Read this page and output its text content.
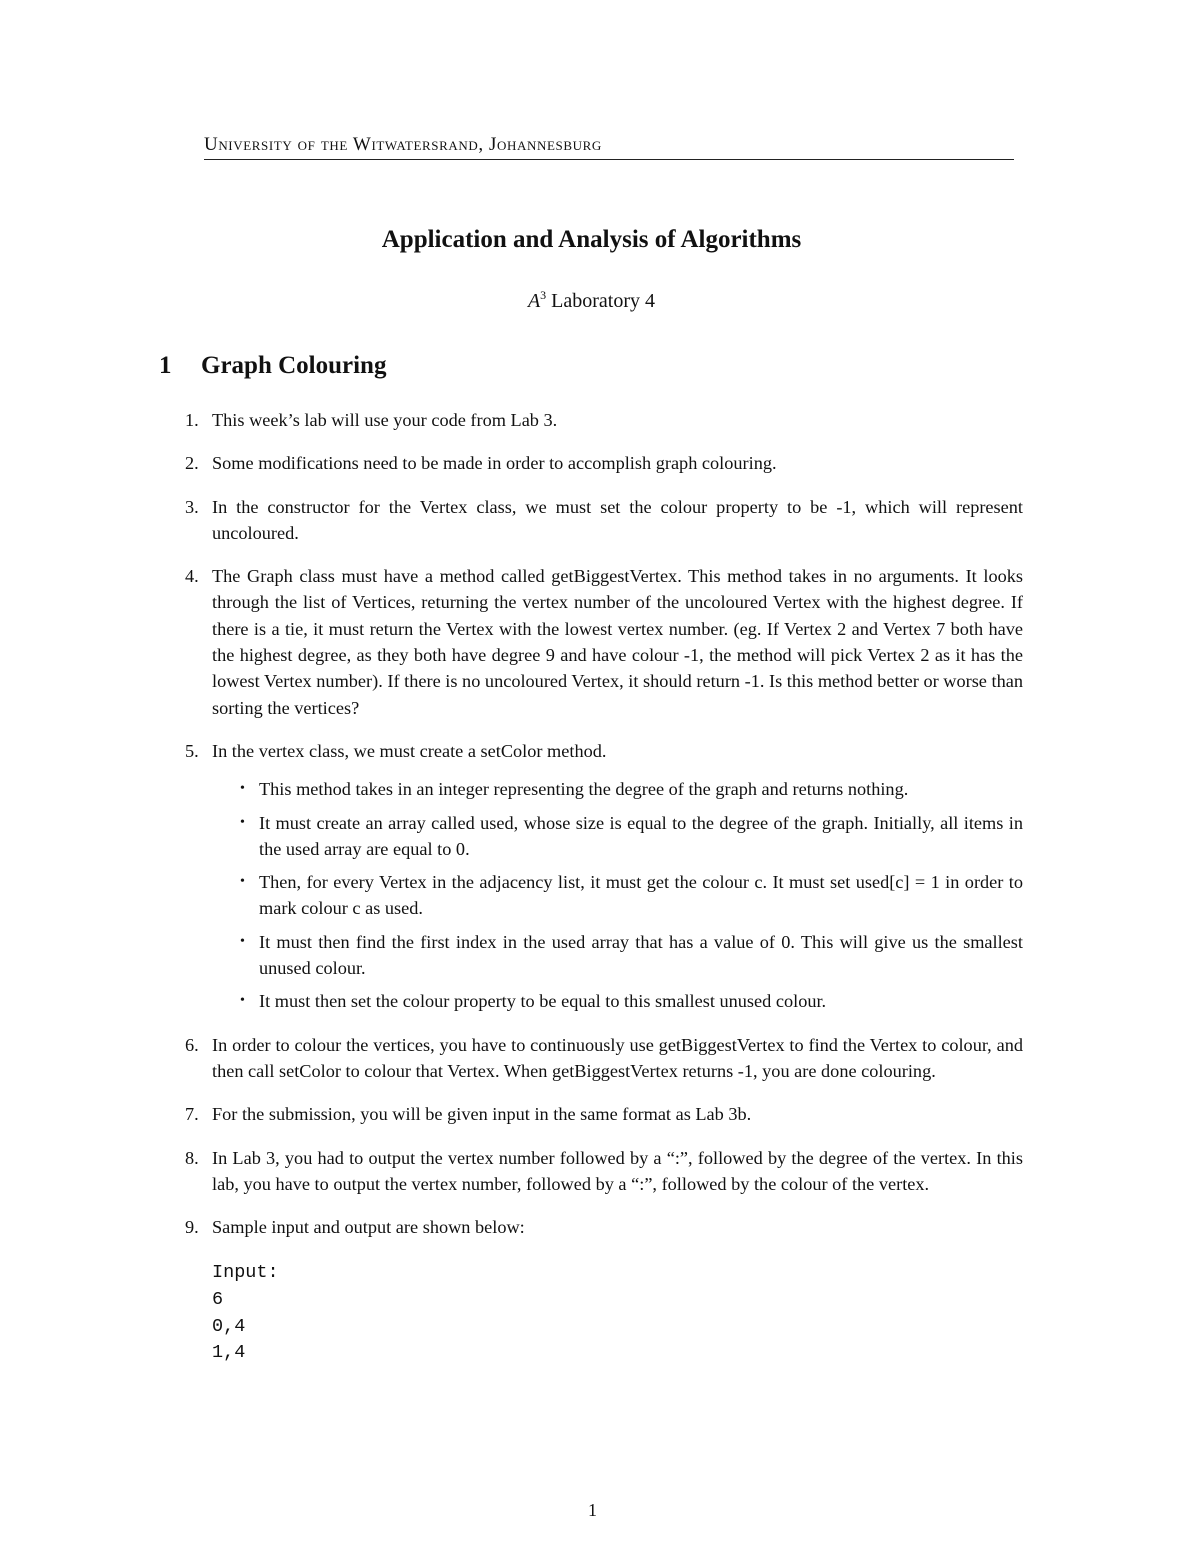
University of the Witwatersrand, Johannesburg
Application and Analysis of Algorithms
$A^3$ Laboratory 4
1 Graph Colouring
1. This week’s lab will use your code from Lab 3.
2. Some modifications need to be made in order to accomplish graph colouring.
3. In the constructor for the Vertex class, we must set the colour property to be -1, which will represent uncoloured.
4. The Graph class must have a method called getBiggestVertex. This method takes in no arguments. It looks through the list of Vertices, returning the vertex number of the uncoloured Vertex with the highest degree. If there is a tie, it must return the Vertex with the lowest vertex number. (eg. If Vertex 2 and Vertex 7 both have the highest degree, as they both have degree 9 and have colour -1, the method will pick Vertex 2 as it has the lowest Vertex number). If there is no uncoloured Vertex, it should return -1. Is this method better or worse than sorting the vertices?
5. In the vertex class, we must create a setColor method.
• This method takes in an integer representing the degree of the graph and returns nothing.
• It must create an array called used, whose size is equal to the degree of the graph. Initially, all items in the used array are equal to 0.
• Then, for every Vertex in the adjacency list, it must get the colour c. It must set used[c] = 1 in order to mark colour c as used.
• It must then find the first index in the used array that has a value of 0. This will give us the smallest unused colour.
• It must then set the colour property to be equal to this smallest unused colour.
6. In order to colour the vertices, you have to continuously use getBiggestVertex to find the Vertex to colour, and then call setColor to colour that Vertex. When getBiggestVertex returns -1, you are done colouring.
7. For the submission, you will be given input in the same format as Lab 3b.
8. In Lab 3, you had to output the vertex number followed by a “:”, followed by the degree of the vertex. In this lab, you have to output the vertex number, followed by a “:”, followed by the colour of the vertex.
9. Sample input and output are shown below:
Input:
6
0,4
1,4
1
